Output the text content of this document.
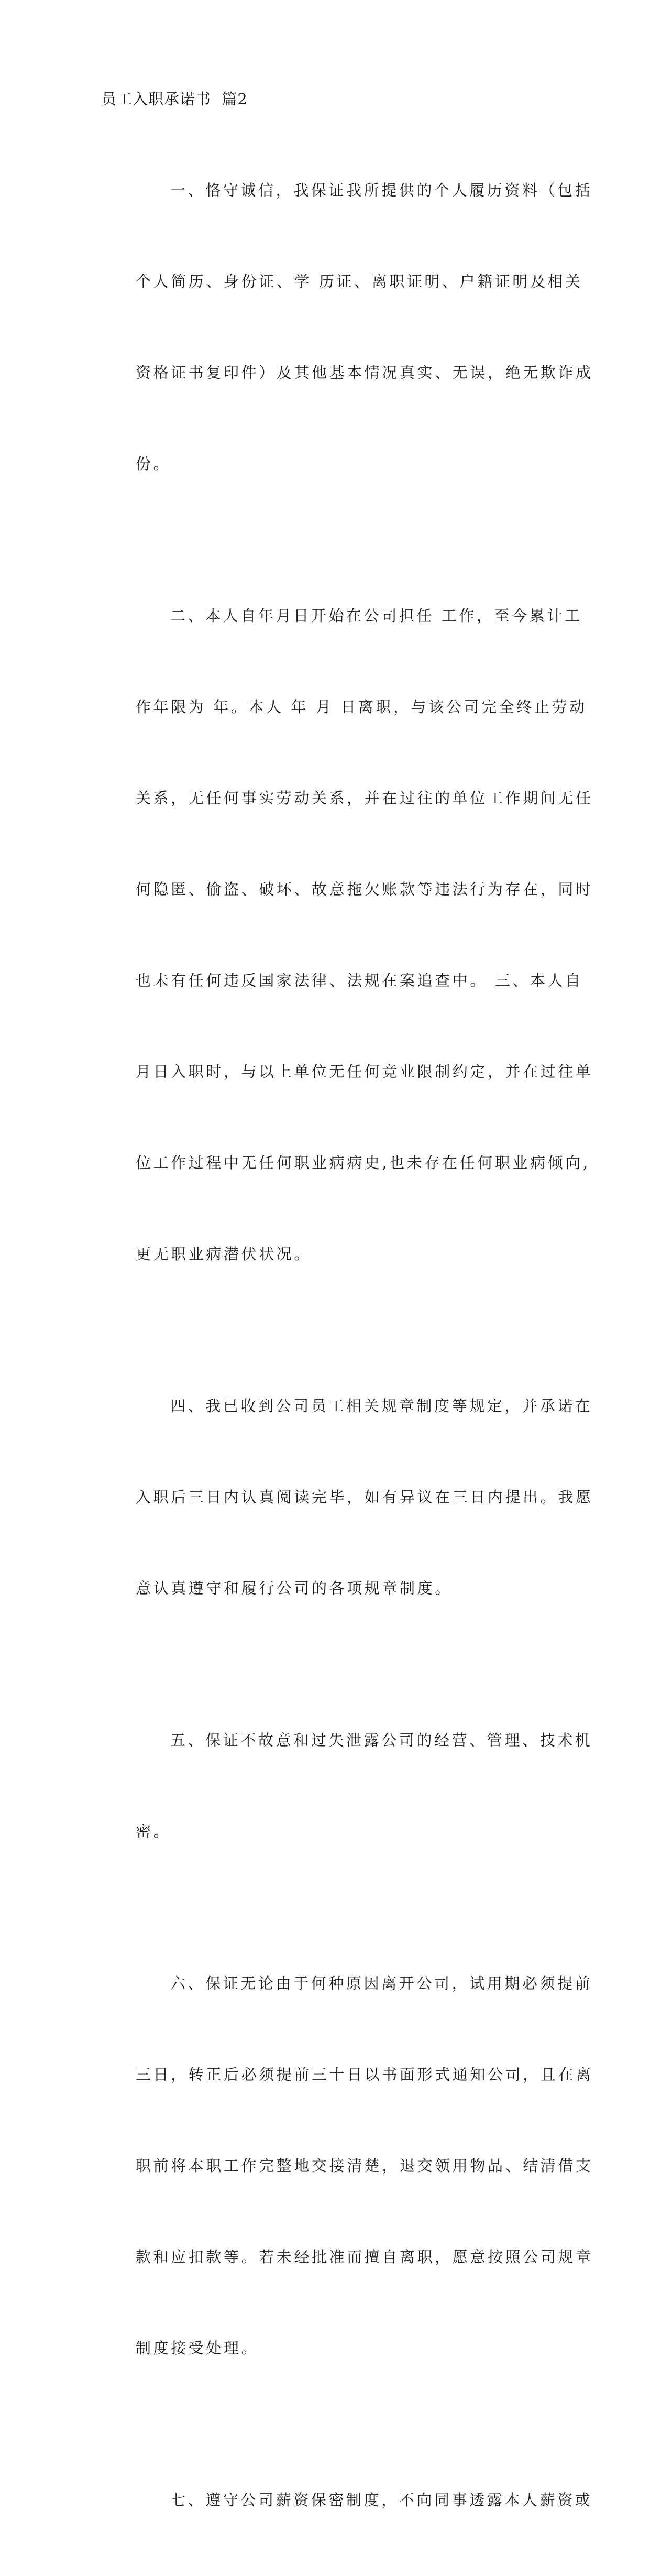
员工入职承诺书  篇2

一、恪守诚信，我保证我所提供的个人履历资料（包括

个人简历、身份证、学 历证、离职证明、户籍证明及相关

资格证书复印件）及其他基本情况真实、无误，绝无欺诈成

份。

二、本人自年月日开始在公司担任 工作，至今累计工

作年限为 年。本人 年 月 日离职，与该公司完全终止劳动

关系，无任何事实劳动关系，并在过往的单位工作期间无任

何隐匿、偷盗、破坏、故意拖欠账款等违法行为存在，同时

也未有任何违反国家法律、法规在案追查中。 三、本人自

月日入职时，与以上单位无任何竞业限制约定，并在过往单

位工作过程中无任何职业病病史,也未存在任何职业病倾向,

更无职业病潜伏状况。

四、我已收到公司员工相关规章制度等规定，并承诺在

入职后三日内认真阅读完毕，如有异议在三日内提出。我愿

意认真遵守和履行公司的各项规章制度。

五、保证不故意和过失泄露公司的经营、管理、技术机

密。

六、保证无论由于何种原因离开公司，试用期必须提前

三日，转正后必须提前三十日以书面形式通知公司，且在离

职前将本职工作完整地交接清楚，退交领用物品、结清借支

款和应扣款等。若未经批准而擅自离职，愿意按照公司规章

制度接受处理。

七、遵守公司薪资保密制度，不向同事透露本人薪资或
